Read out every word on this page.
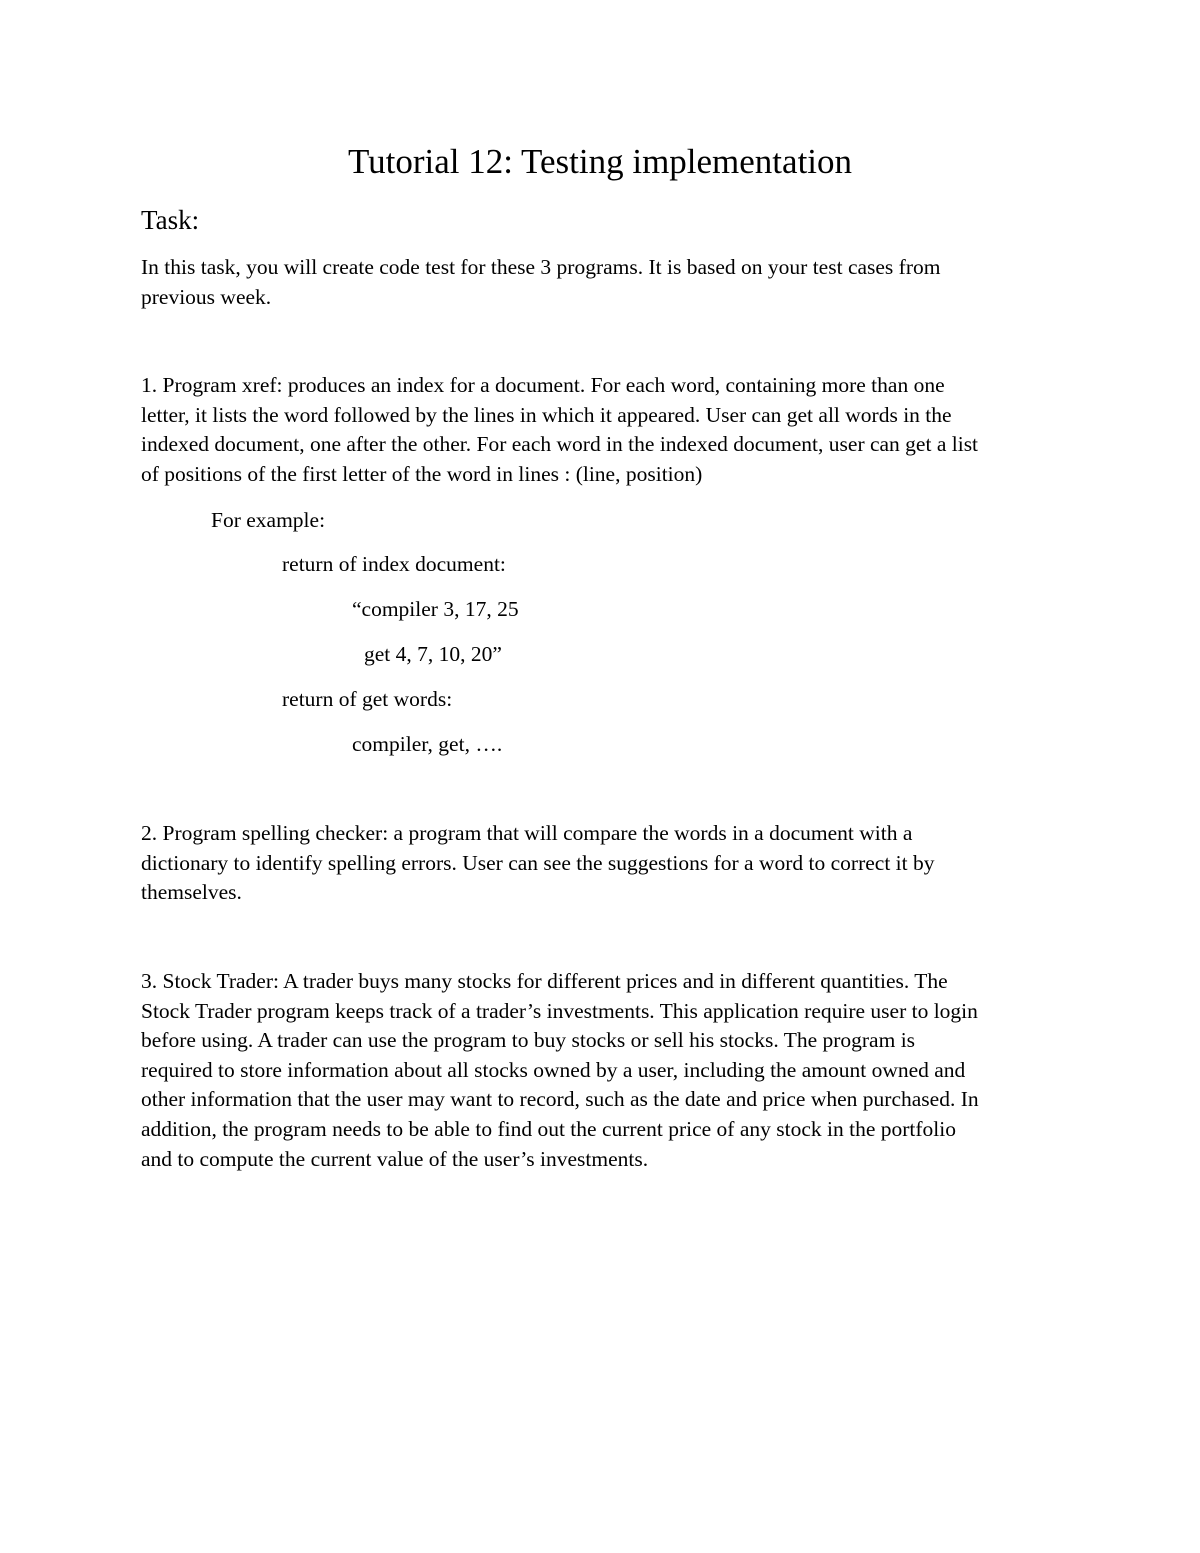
Tutorial 12: Testing implementation
Task:
In this task, you will create code test for these 3 programs. It is based on your test cases from
previous week.
1. Program xref: produces an index for a document. For each word, containing more than one
letter, it lists the word followed by the lines in which it appeared. User can get all words in the
indexed document, one after the other. For each word in the indexed document, user can get a list
of positions of the first letter of the word in lines : (line, position)
For example:
return of index document:
“compiler 3, 17, 25
get 4, 7, 10, 20”
return of get words:
compiler, get, ….
2. Program spelling checker: a program that will compare the words in a document with a
dictionary to identify spelling errors. User can see the suggestions for a word to correct it by
themselves.
3. Stock Trader: A trader buys many stocks for different prices and in different quantities. The
Stock Trader program keeps track of a trader’s investments. This application require user to login
before using. A trader can use the program to buy stocks or sell his stocks. The program is
required to store information about all stocks owned by a user, including the amount owned and
other information that the user may want to record, such as the date and price when purchased. In
addition, the program needs to be able to find out the current price of any stock in the portfolio
and to compute the current value of the user’s investments.
